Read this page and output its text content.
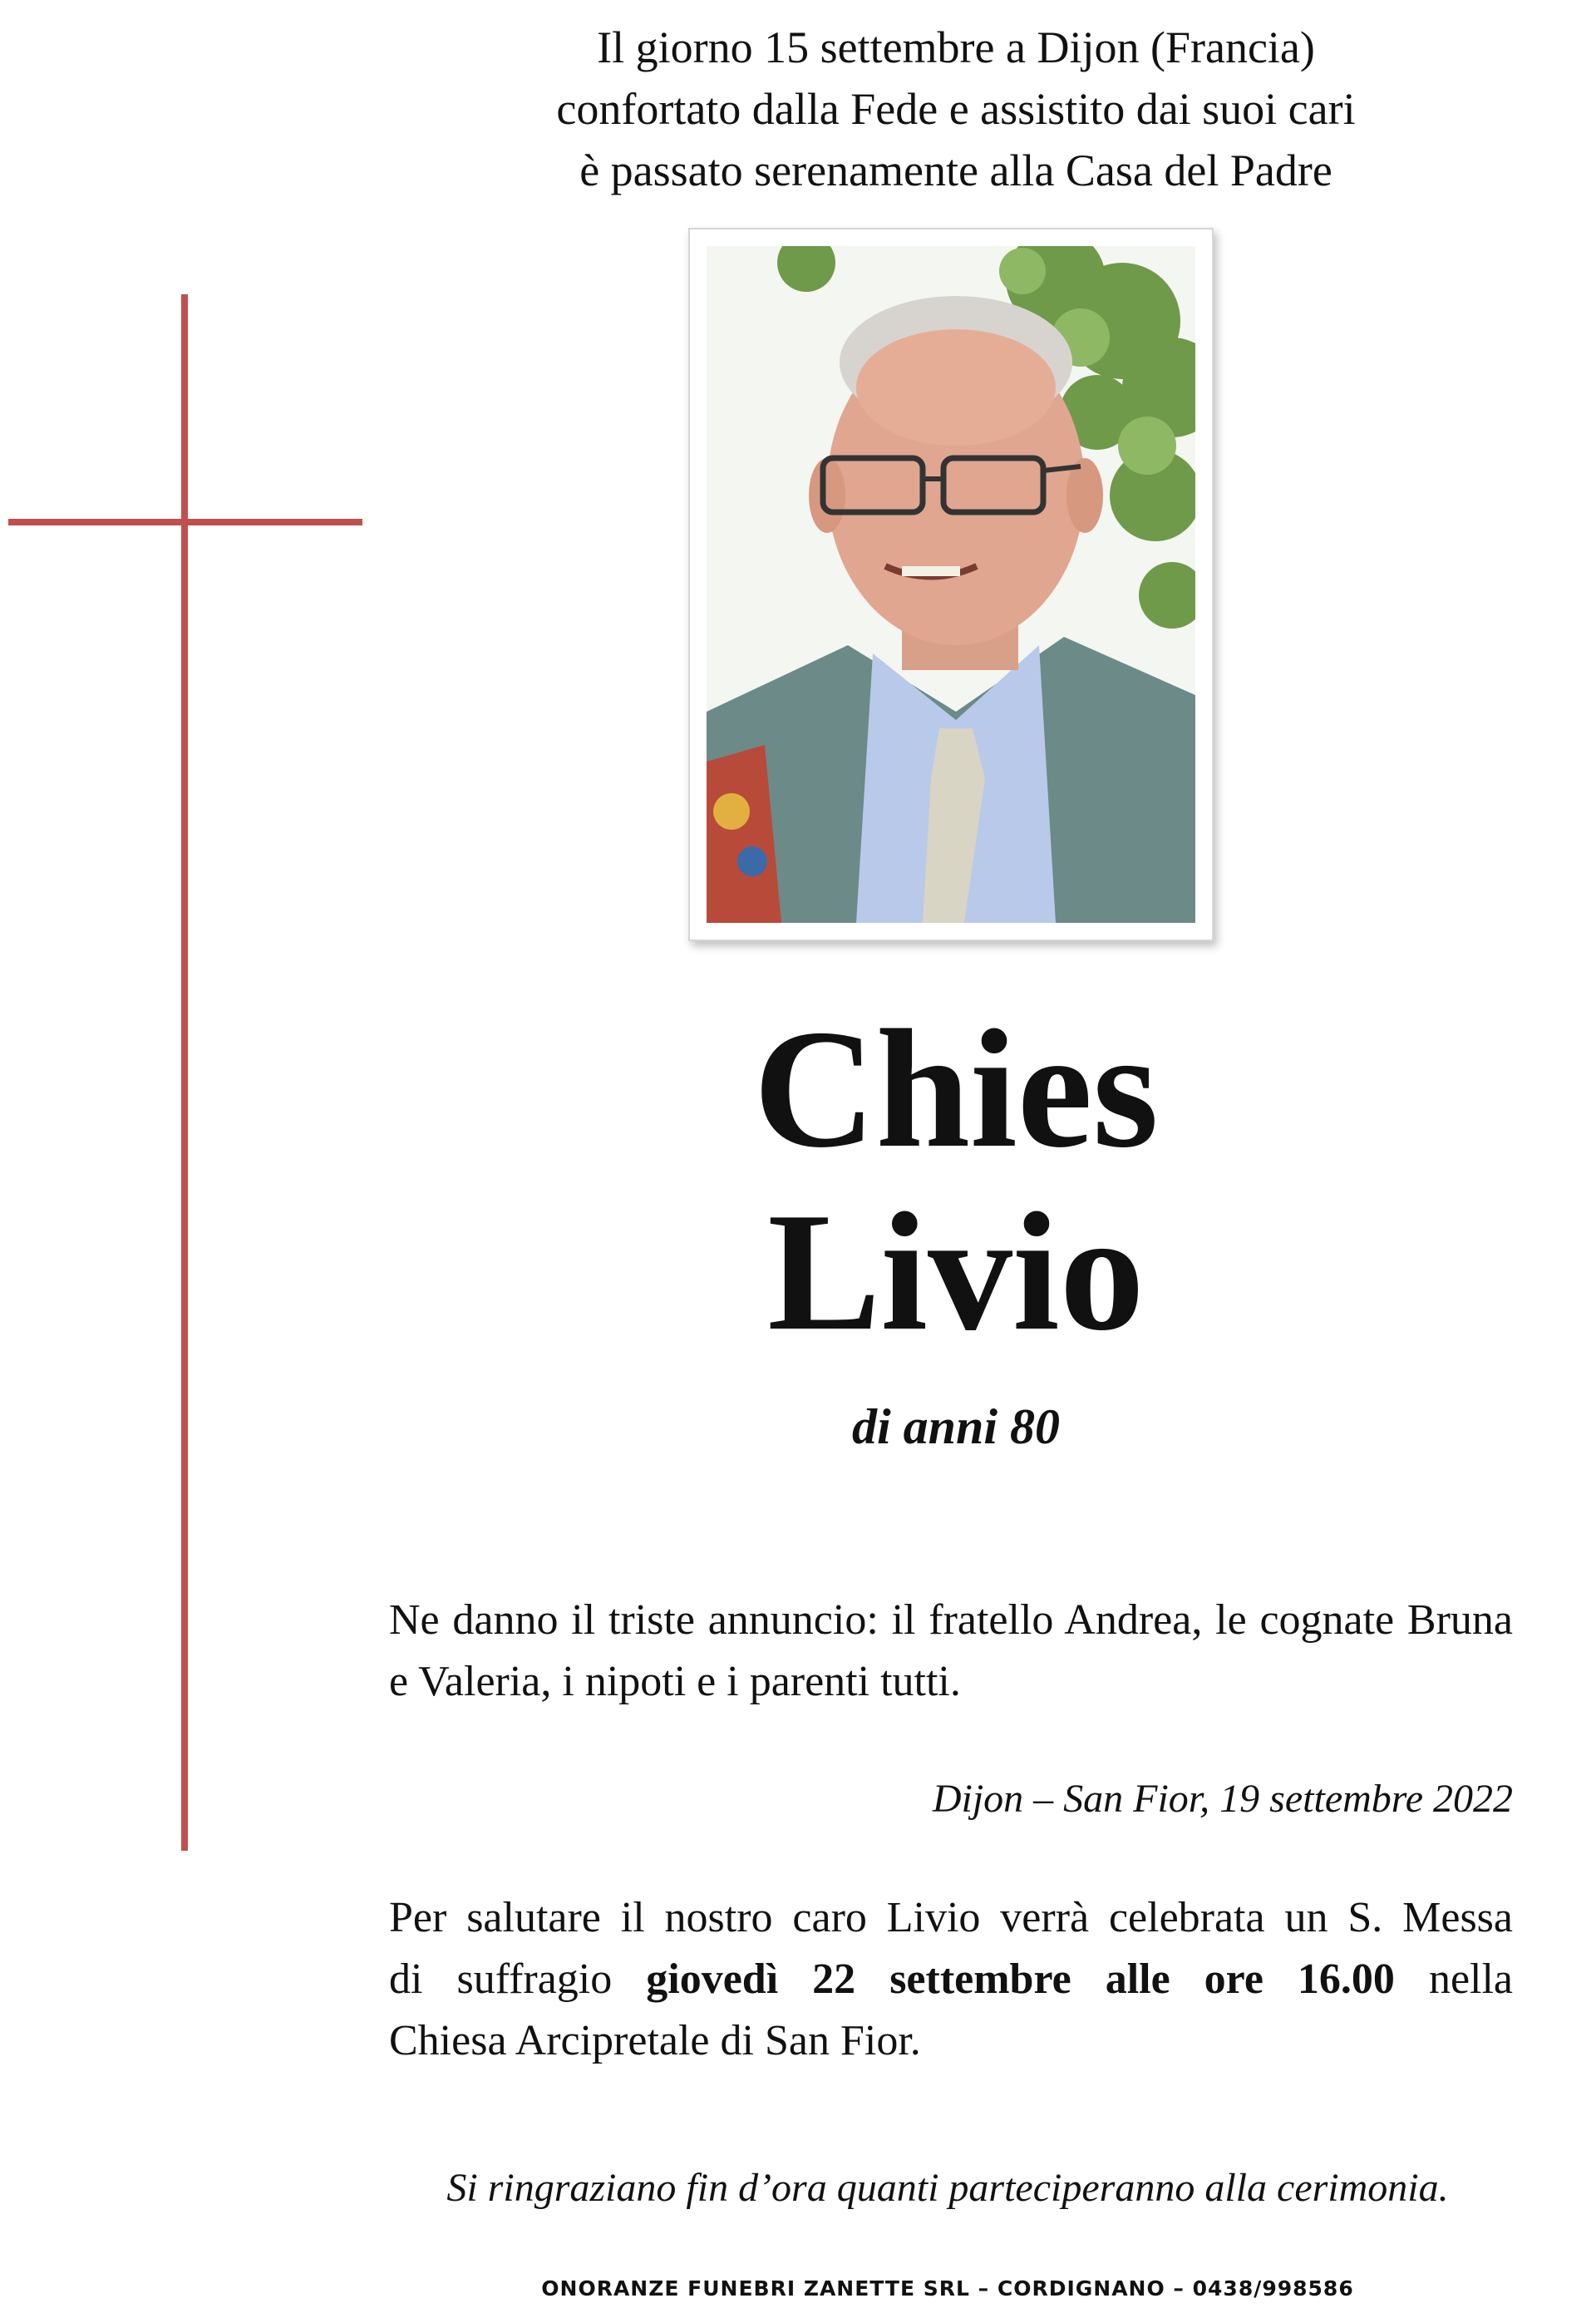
Il giorno 15 settembre a Dijon (Francia)
confortato dalla Fede e assistito dai suoi cari
è passato serenamente alla Casa del Padre
Chies
Livio
di anni 80
Ne danno il triste annuncio: il fratello Andrea, le cognate Bruna e Valeria, i nipoti e i parenti tutti.
Dijon – San Fior, 19 settembre 2022
Per salutare il nostro caro Livio verrà celebrata un S. Messa
di suffragio giovedì 22 settembre alle ore 16.00 nella
Chiesa Arcipretale di San Fior.
Si ringraziano fin d’ora quanti parteciperanno alla cerimonia.
ONORANZE FUNEBRI ZANETTE SRL – CORDIGNANO – 0438/998586
